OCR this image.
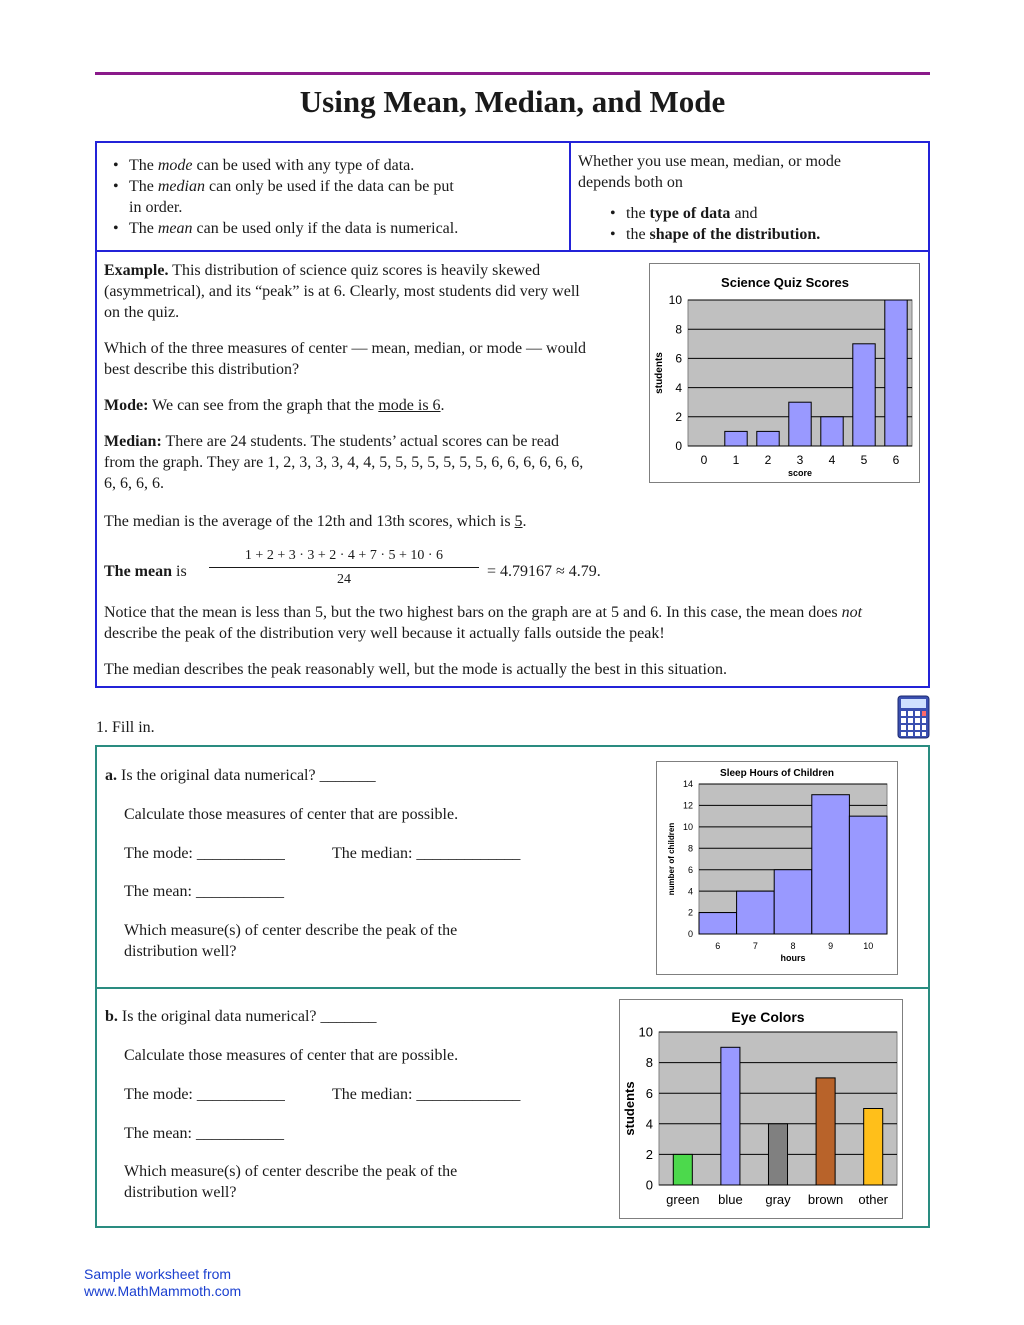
Using Mean, Median, and Mode
• The mode can be used with any type of data.
• The median can only be used if the data can be put
in order.
• The mean can be used only if the data is numerical.

Whether you use mean, median, or mode

depends both on

• the type of data and
• the shape of the distribution.

Example. This distribution of science quiz scores is heavily skewed (asymmetrical), and its “peak” is at 6. Clearly, most students did very well on the quiz.

Which of the three measures of center — mean, median, or mode — would best describe this distribution?

Mode: We can see from the graph that the mode is 6.

Median: There are 24 students. The students’ actual scores can be read from the graph. They are 1, 2, 3, 3, 3, 4, 4, 5, 5, 5, 5, 5, 5, 5, 6, 6, 6, 6, 6, 6, 6, 6, 6, 6.

The median is the average of the 12th and 13th scores, which is 5.

The mean is
1 + 2 + 3 · 3 + 2 · 4 + 7 · 5 + 10 · 6
24	= 4.79167 ≈ 4.79.

Notice that the mean is less than 5, but the two highest bars on the graph are at 5 and 6. In this case, the mean does not describe the peak of the distribution very well because it actually falls outside the peak!

The median describes the peak reasonably well, but the mode is actually the best in this situation.

Science Quiz Scores
0
2
4
6
8
10
0 1 2 3 4 5 6
score
students
1. Fill in.
a. Is the original data numerical? _______
Calculate those measures of center that are possible.
The mode: ___________	The median: _____________
The mean: ___________
Which measure(s) of center describe the peak of the distribution well?
Sleep Hours of Children
0
2
4
6
8
10
12
14
6	7	8	9	10
hours
number of children
b. Is the original data numerical? _______
Calculate those measures of center that are possible.
The mode: ___________	The median: _____________
The mean: ___________
Which measure(s) of center describe the peak of the distribution well?
Eye Colors
0
2
4
6
8
10
green blue gray brown other
students
Sample worksheet from
www.MathMammoth.com
